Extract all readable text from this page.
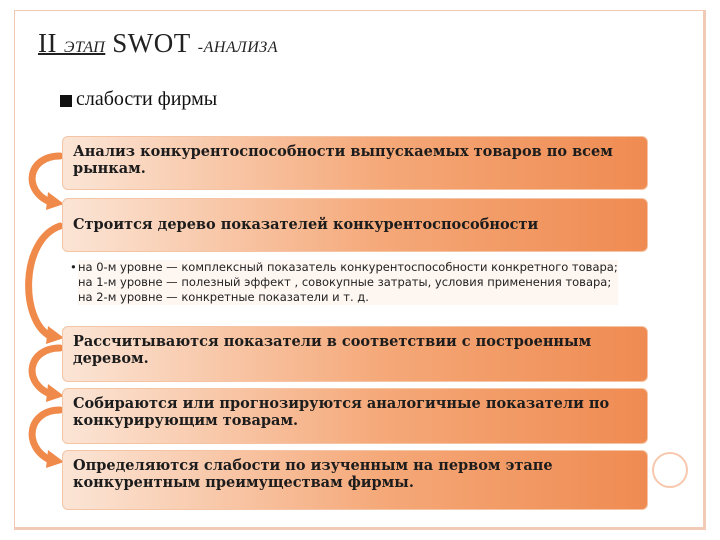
II ЭТАП SWOT -АНАЛИЗА
слабости фирмы
Анализ конкурентоспособности выпускаемых товаров по всем рынкам.
Строится дерево показателей конкурентоспособности
• на 0-м уровне — комплексный показатель конкурентоспособности конкретного товара; на 1-м уровне — полезный эффект , совокупные затраты, условия применения товара; на 2-м уровне — конкретные показатели и т. д.
Рассчитываются показатели в соответствии с построенным деревом.
Собираются или прогнозируются аналогичные показатели по конкурирующим товарам.
Определяются слабости по изученным на первом этапе конкурентным преимуществам фирмы.
